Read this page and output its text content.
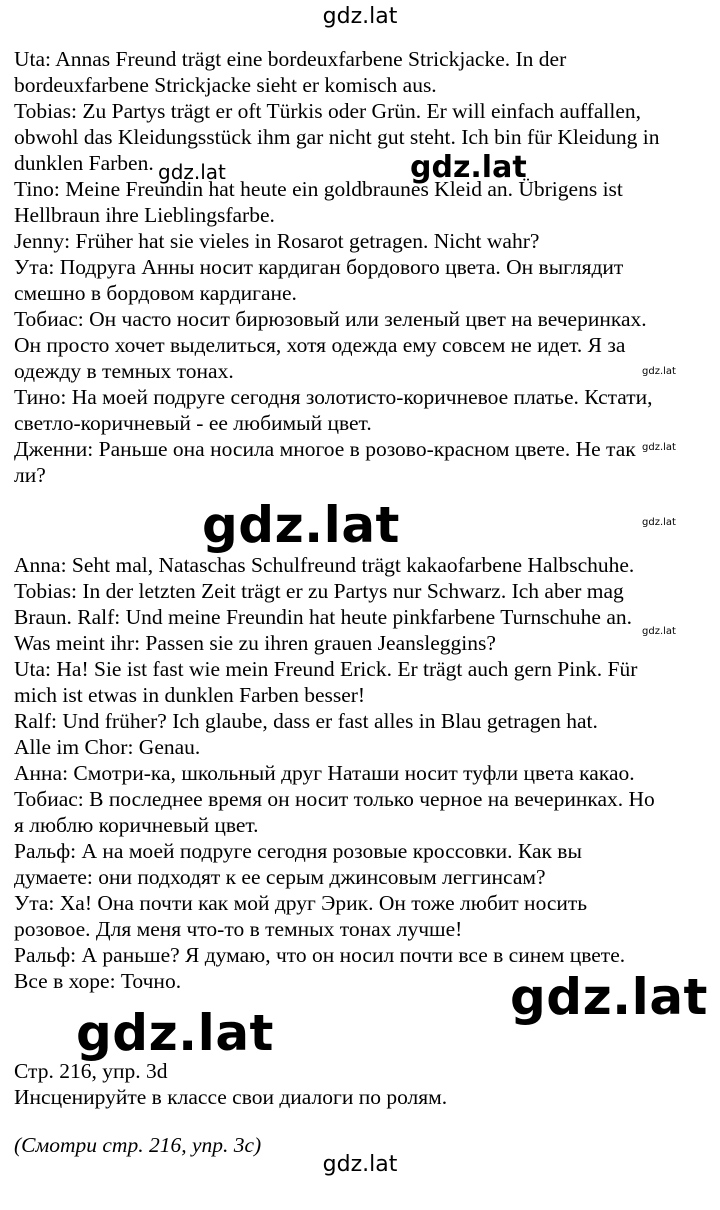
gdz.lat
Uta: Annas Freund trägt eine bordeuxfarbene Strickjacke. In der
bordeuxfarbene Strickjacke sieht er komisch aus.
Tobias: Zu Partys trägt er oft Türkis oder Grün. Er will einfach auffallen,
obwohl das Kleidungsstück ihm gar nicht gut steht. Ich bin für Kleidung in
dunklen Farben.
Tino: Meine Freundin hat heute ein goldbraunes Kleid an. Übrigens ist
Hellbraun ihre Lieblingsfarbe.
Jenny: Früher hat sie vieles in Rosarot getragen. Nicht wahr?
Ута: Подруга Анны носит кардиган бордового цвета. Он выглядит
смешно в бордовом кардигане.
Тобиас: Он часто носит бирюзовый или зеленый цвет на вечеринках.
Он просто хочет выделиться, хотя одежда ему совсем не идет. Я за
одежду в темных тонах.
Тино: На моей подруге сегодня золотисто-коричневое платье. Кстати,
светло-коричневый - ее любимый цвет.
Дженни: Раньше она носила многое в розово-красном цвете. Не так
ли?
Anna: Seht mal, Nataschas Schulfreund trägt kakaofarbene Halbschuhe.
Tobias: In der letzten Zeit trägt er zu Partys nur Schwarz. Ich aber mag
Braun. Ralf: Und meine Freundin hat heute pinkfarbene Turnschuhe an.
Was meint ihr: Passen sie zu ihren grauen Jeansleggins?
Uta: Ha! Sie ist fast wie mein Freund Erick. Er trägt auch gern Pink. Für
mich ist etwas in dunklen Farben besser!
Ralf: Und früher? Ich glaube, dass er fast alles in Blau getragen hat.
Alle im Chor: Genau.
Анна: Смотри-ка, школьный друг Наташи носит туфли цвета какао.
Тобиас: В последнее время он носит только черное на вечеринках. Но
я люблю коричневый цвет.
Ральф: А на моей подруге сегодня розовые кроссовки. Как вы
думаете: они подходят к ее серым джинсовым леггинсам?
Ута: Ха! Она почти как мой друг Эрик. Он тоже любит носить
розовое. Для меня что-то в темных тонах лучше!
Ральф: А раньше? Я думаю, что он носил почти все в синем цвете.
Все в хоре: Точно.
Стр. 216, упр. 3d
Инсценируйте в классе свои диалоги по ролям.
(Смотри стр. 216, упр. 3с)
gdz.lat	gdz.lat
gdz.lat
gdz.lat
gdz.lat
gdz.lat
gdz.lat
gdz.lat
gdz.lat
gdz.lat
